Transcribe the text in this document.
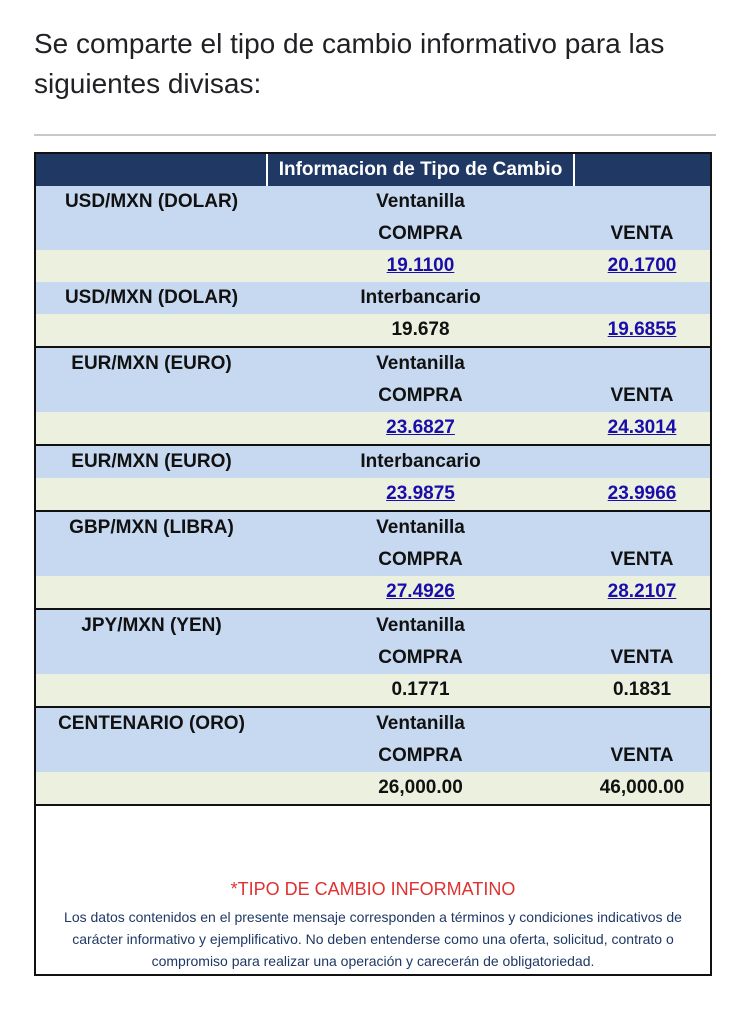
Se comparte el tipo de cambio informativo para las siguientes divisas:
	Informacion de Tipo de Cambio	
USD/MXN (DOLAR)	Ventanilla	
	COMPRA	VENTA
	19.1100	20.1700
USD/MXN (DOLAR)	Interbancario	
	19.678	19.6855
EUR/MXN (EURO)	Ventanilla	
	COMPRA	VENTA
	23.6827	24.3014
EUR/MXN (EURO)	Interbancario	
	23.9875	23.9966
GBP/MXN (LIBRA)	Ventanilla	
	COMPRA	VENTA
	27.4926	28.2107
JPY/MXN (YEN)	Ventanilla	
	COMPRA	VENTA
	0.1771	0.1831
CENTENARIO (ORO)	Ventanilla	
	COMPRA	VENTA
	26,000.00	46,000.00
*TIPO DE CAMBIO INFORMATINO
Los datos contenidos en el presente mensaje corresponden a términos y condiciones indicativos de carácter informativo y ejemplificativo. No deben entenderse como una oferta, solicitud, contrato o compromiso para realizar una operación y carecerán de obligatoriedad.
